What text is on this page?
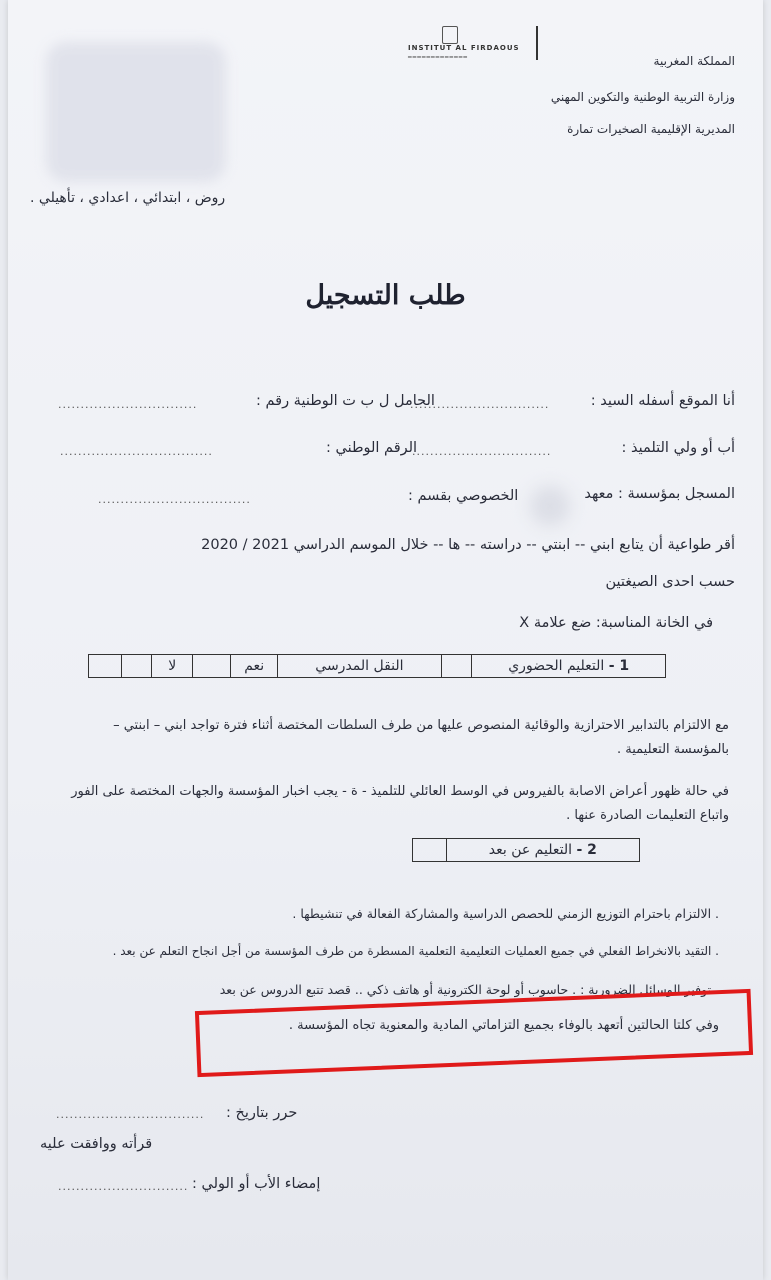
INSTITUT AL FIRDAOUS
━━━━━━━━━━━━━	المملكة المغربية
وزارة التربية الوطنية والتكوين المهني
المديرية الإقليمية الصخيرات تمارة
روض ، ابتدائي ، اعدادي ، تأهيلي .
طلب التسجيل
أنا الموقع أسفله السيد :
...............................
الحامل ل ب ت الوطنية رقم :
...............................
أب أو ولي التلميذ :
...............................
الرقم الوطني :
..................................
المسجل بمؤسسة : معهد
الخصوصي بقسم :
..................................
أقر طواعية أن يتابع ابني -- ابنتي -- دراسته -- ها -- خلال الموسم الدراسي 2021 / 2020
حسب احدى الصيغتين
في الخانة المناسبة: ضع علامة X
1 - التعليم الحضوري		النقل المدرسي	نعم		لا		
مع الالتزام بالتدابير الاحترازية والوقائية المنصوص عليها من طرف السلطات المختصة أثناء فترة تواجد ابني – ابنتي –
بالمؤسسة التعليمية .
في حالة ظهور أعراض الاصابة بالفيروس في الوسط العائلي للتلميذ - ة - يجب اخبار المؤسسة والجهات المختصة على الفور
واتباع التعليمات الصادرة عنها .
2 - التعليم عن بعد	
. الالتزام باحترام التوزيع الزمني للحصص الدراسية والمشاركة الفعالة في تنشيطها .
. التقيد بالانخراط الفعلي في جميع العمليات التعليمية التعلمية المسطرة من طرف المؤسسة من أجل انجاح التعلم عن بعد .
. توفير الوسائل الضرورية : . حاسوب أو لوحة الكترونية أو هاتف ذكي .. قصد تتبع الدروس عن بعد
وفي كلتا الحالتين أتعهد بالوفاء بجميع التزاماتي المادية والمعنوية تجاه المؤسسة .
حرر بتاريخ :
.................................
قرأته ووافقت عليه
إمضاء الأب أو الولي :
.............................
